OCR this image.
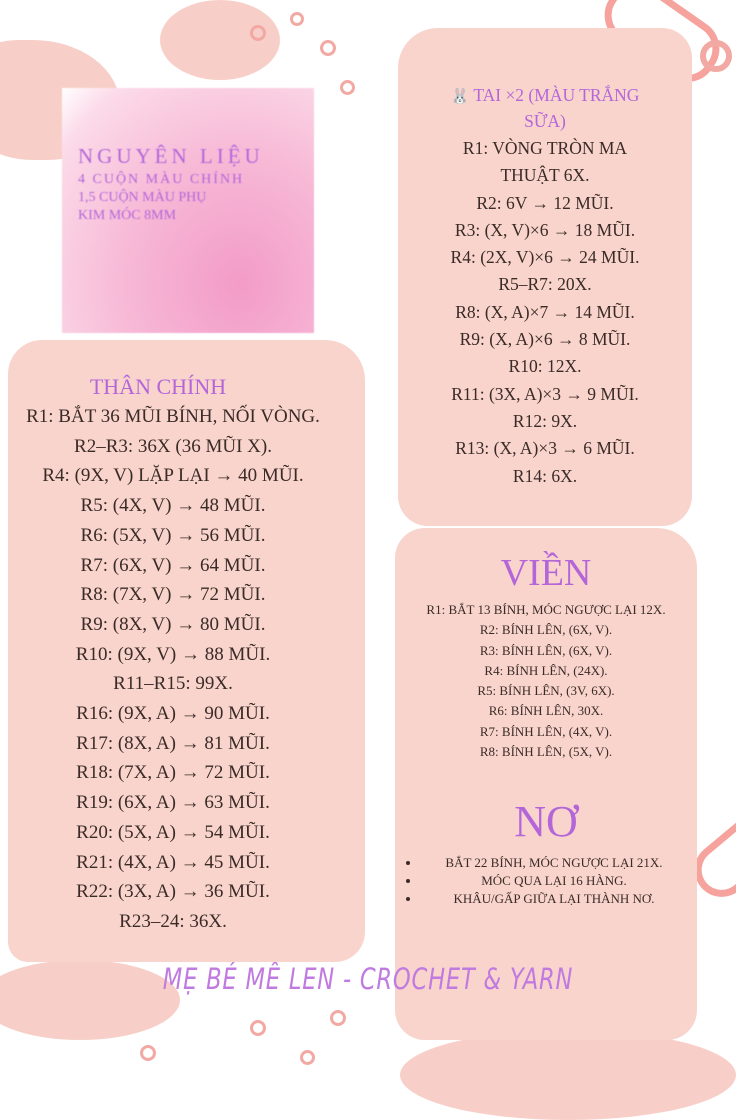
NGUYÊN LIỆU
4 CUỘN MÀU CHÍNH
1,5 CUỘN MÀU PHỤ
KIM MÓC 8MM
THÂN CHÍNH
R1: BẮT 36 MŨI BÍNH, NỐI VÒNG.
R2–R3: 36X (36 MŨI X).
R4: (9X, V) LẶP LẠI → 40 MŨI.
R5: (4X, V) → 48 MŨI.
R6: (5X, V) → 56 MŨI.
R7: (6X, V) → 64 MŨI.
R8: (7X, V) → 72 MŨI.
R9: (8X, V) → 80 MŨI.
R10: (9X, V) → 88 MŨI.
R11–R15: 99X.
R16: (9X, A) → 90 MŨI.
R17: (8X, A) → 81 MŨI.
R18: (7X, A) → 72 MŨI.
R19: (6X, A) → 63 MŨI.
R20: (5X, A) → 54 MŨI.
R21: (4X, A) → 45 MŨI.
R22: (3X, A) → 36 MŨI.
R23–24: 36X.
🐰 TAI ×2 (MÀU TRẮNG
SỮA)
R1: VÒNG TRÒN MA
THUẬT 6X.
R2: 6V → 12 MŨI.
R3: (X, V)×6 → 18 MŨI.
R4: (2X, V)×6 → 24 MŨI.
R5–R7: 20X.
R8: (X, A)×7 → 14 MŨI.
R9: (X, A)×6 → 8 MŨI.
R10: 12X.
R11: (3X, A)×3 → 9 MŨI.
R12: 9X.
R13: (X, A)×3 → 6 MŨI.
R14: 6X.
VIỀN
R1: BẮT 13 BÍNH, MÓC NGƯỢC LẠI 12X.
R2: BÍNH LÊN, (6X, V).
R3: BÍNH LÊN, (6X, V).
R4: BÍNH LÊN, (24X).
R5: BÍNH LÊN, (3V, 6X).
R6: BÍNH LÊN, 30X.
R7: BÍNH LÊN, (4X, V).
R8: BÍNH LÊN, (5X, V).
NƠ
• BẮT 22 BÍNH, MÓC NGƯỢC LẠI 21X.
• MÓC QUA LẠI 16 HÀNG.
• KHÂU/GẤP GIỮA LẠI THÀNH NƠ.
MẸ BÉ MÊ LEN - CROCHET & YARN
